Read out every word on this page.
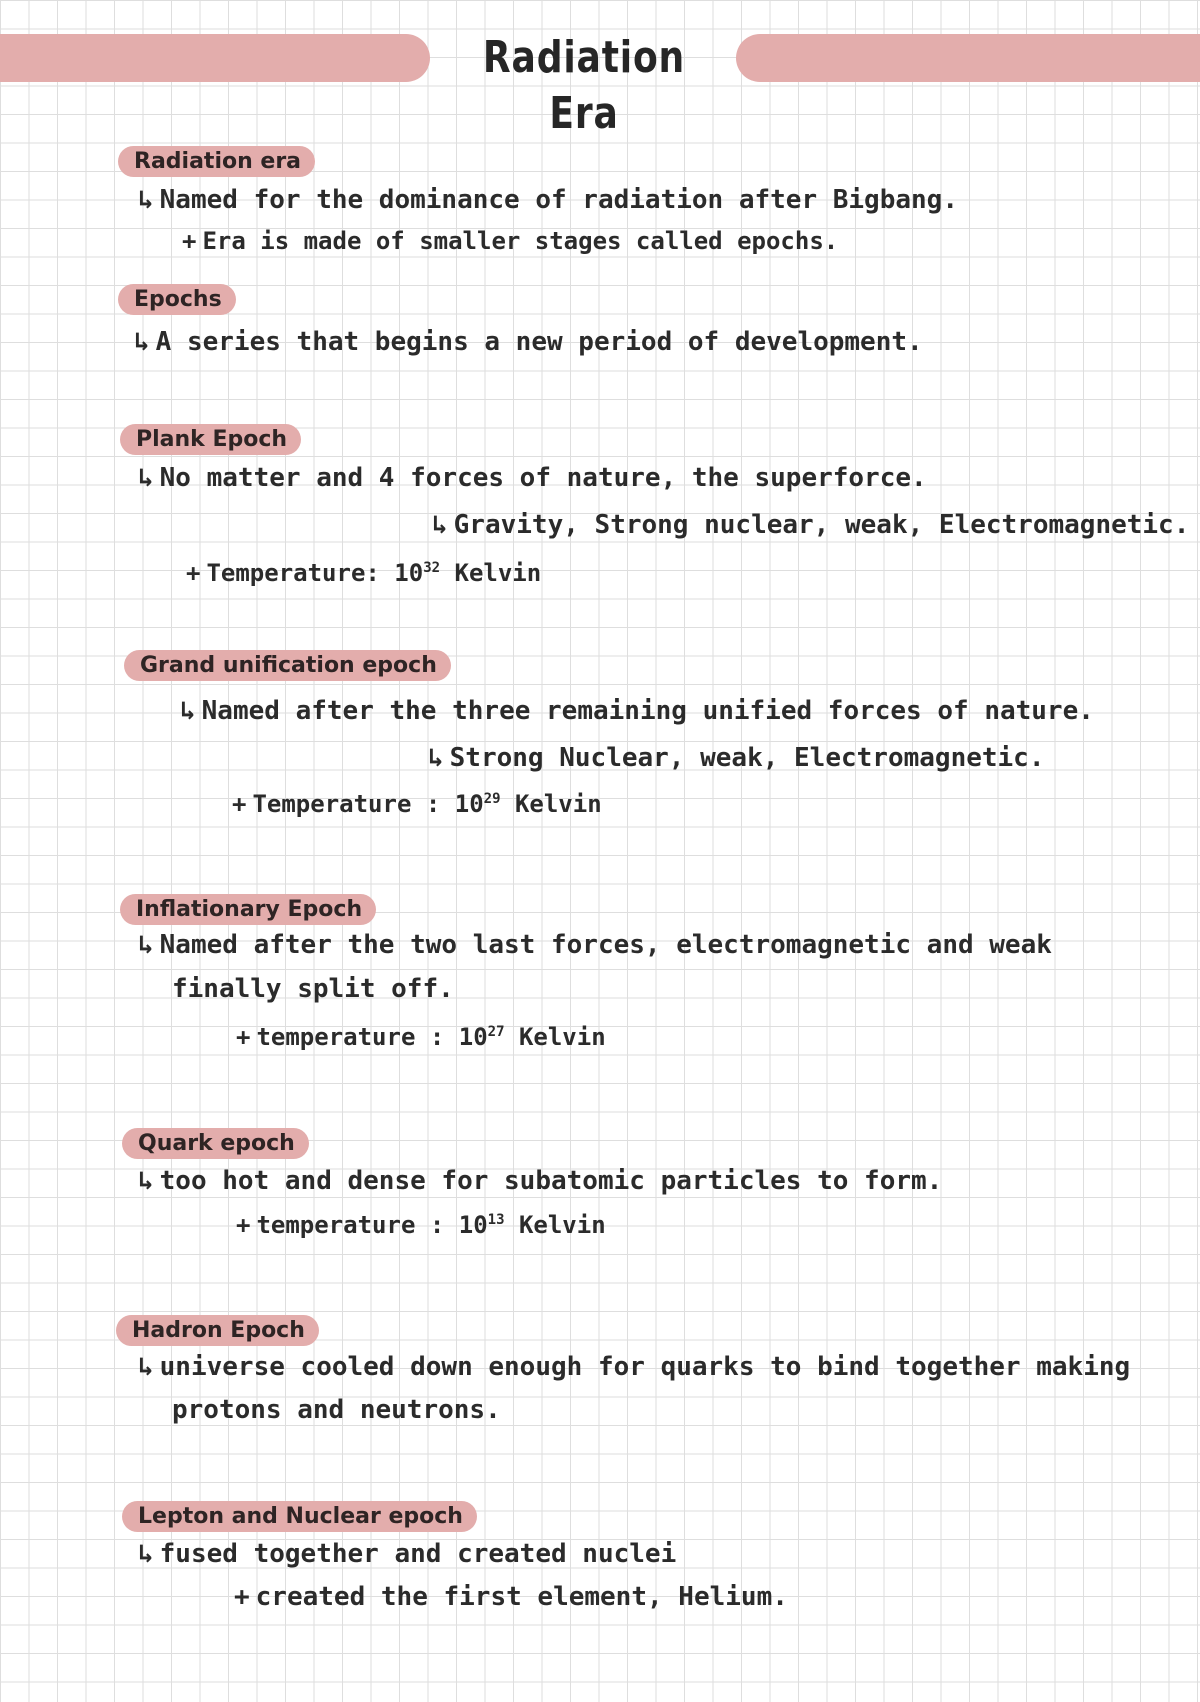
Radiation Era
Radiation era
↳ Named for the dominance of radiation after Bigbang.
+ Era is made of smaller stages called epochs.
Epochs
↳ A series that begins a new period of development.
Plank Epoch
↳ No matter and 4 forces of nature, the superforce.
↳ Gravity, Strong nuclear, weak, Electromagnetic.
+ Temperature: $10^{32}$ Kelvin
Grand unification epoch
↳ Named after the three remaining unified forces of nature.
↳ Strong Nuclear, weak, Electromagnetic.
+ Temperature : $10^{29}$ Kelvin
Inflationary Epoch
↳ Named after the two last forces, electromagnetic and weak
finally split off.
+ temperature : $10^{27}$ Kelvin
Quark epoch
↳ too hot and dense for subatomic particles to form.
+ temperature : $10^{13}$ Kelvin
Hadron Epoch
↳ universe cooled down enough for quarks to bind together making
protons and neutrons.
Lepton and Nuclear epoch
↳ fused together and created nuclei
+ created the first element, Helium.
